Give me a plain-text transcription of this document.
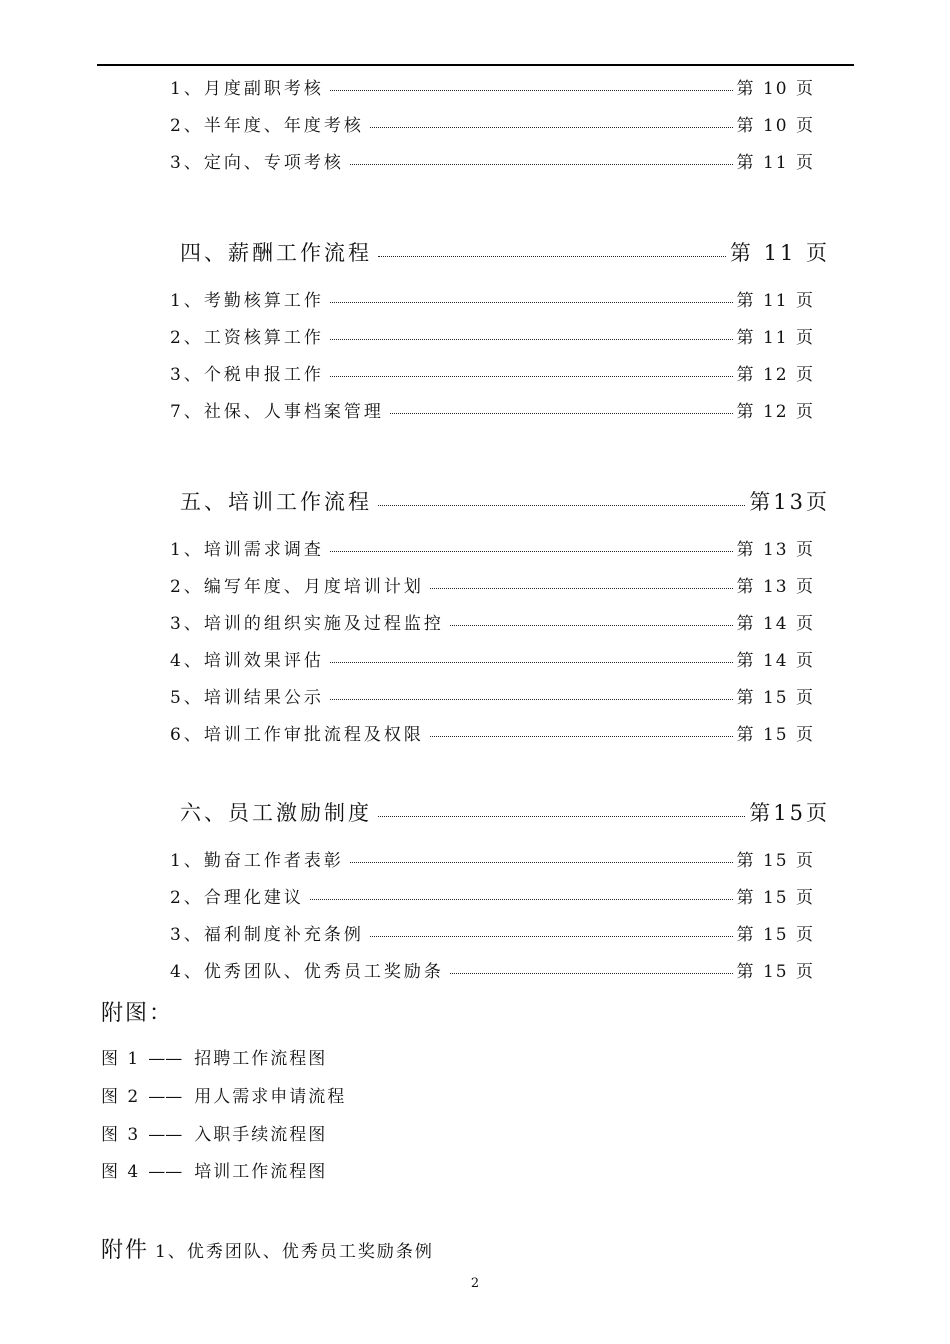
1、月度副职考核	第 10 页
2、半年度、年度考核	第 10 页
3、定向、专项考核	第 11 页
四、薪酬工作流程	第 11 页
1、考勤核算工作	第 11 页
2、工资核算工作	第 11 页
3、个税申报工作	第 12 页
7、社保、人事档案管理	第 12 页
五、培训工作流程	第13页
1、培训需求调查	第 13 页
2、编写年度、月度培训计划	第 13 页
3、培训的组织实施及过程监控	第 14 页
4、培训效果评估	第 14 页
5、培训结果公示	第 15 页
6、培训工作审批流程及权限	第 15 页
六、员工激励制度	第15页
1、勤奋工作者表彰	第 15 页
2、合理化建议	第 15 页
3、福利制度补充条例	第 15 页
4、优秀团队、优秀员工奖励条	第 15 页
附图：
图 1 —— 招聘工作流程图
图 2 —— 用人需求申请流程
图 3 —— 入职手续流程图
图 4 —— 培训工作流程图
附件 1、优秀团队、优秀员工奖励条例
2
